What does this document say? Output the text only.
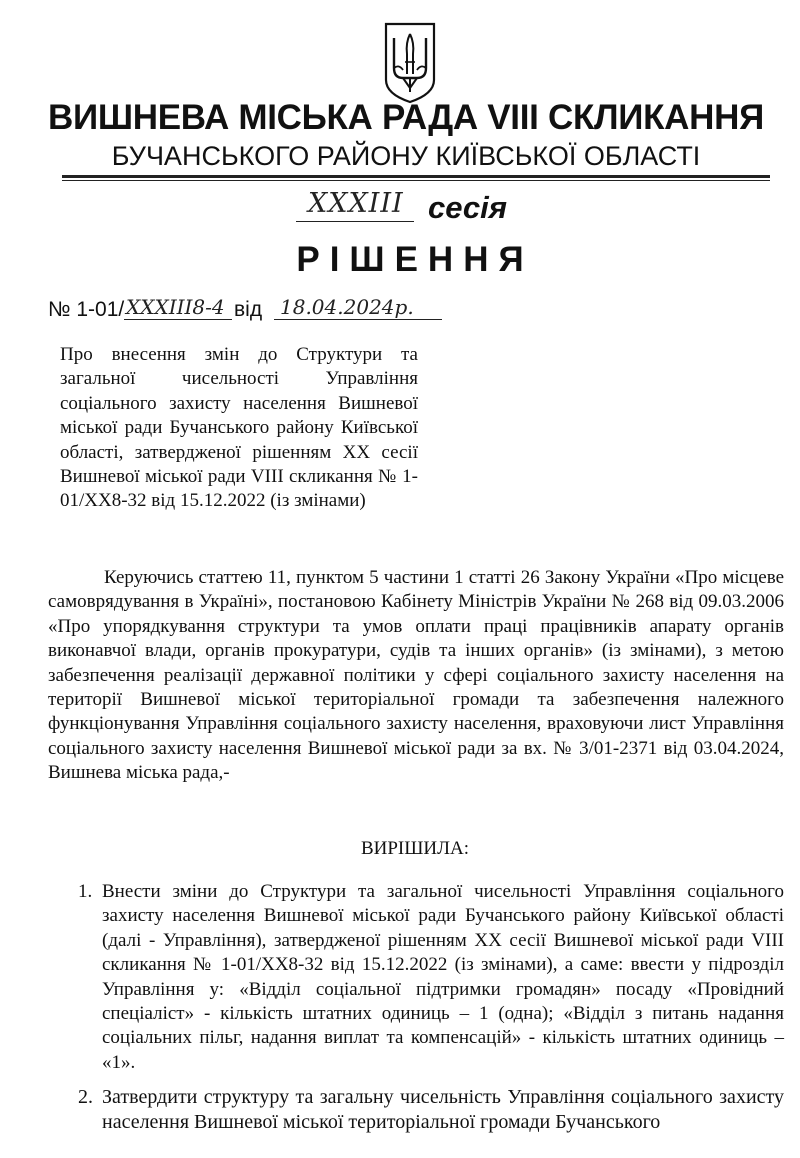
ВИШНЕВА МІСЬКА РАДА VIII СКЛИКАННЯ
БУЧАНСЬКОГО РАЙОНУ КИЇВСЬКОЇ ОБЛАСТІ
XXXIII сесія
РІШЕННЯ
№ 1-01/ XXXIII8-4 від 18.04.2024р.
Про внесення змін до Структури та загальної чисельності Управління соціального захисту населення Вишневої міської ради Бучанського району Київської області, затвердженої рішенням XX сесії Вишневої міської ради VIII скликання № 1-01/XX8-32 від 15.12.2022 (із змінами)
Керуючись статтею 11, пунктом 5 частини 1 статті 26 Закону України «Про місцеве самоврядування в Україні», постановою Кабінету Міністрів України № 268 від 09.03.2006 «Про упорядкування структури та умов оплати праці працівників апарату органів виконавчої влади, органів прокуратури, судів та інших органів» (із змінами), з метою забезпечення реалізації державної політики у сфері соціального захисту населення на території Вишневої міської територіальної громади та забезпечення належного функціонування Управління соціального захисту населення, враховуючи лист Управління соціального захисту населення Вишневої міської ради за вх. № 3/01-2371 від 03.04.2024, Вишнева міська рада,-
ВИРІШИЛА:
1. Внести зміни до Структури та загальної чисельності Управління соціального захисту населення Вишневої міської ради Бучанського району Київської області (далі - Управління), затвердженої рішенням XX сесії Вишневої міської ради VIII скликання № 1-01/XX8-32 від 15.12.2022 (із змінами), а саме: ввести у підрозділ Управління у: «Відділ соціальної підтримки громадян» посаду «Провідний спеціаліст» - кількість штатних одиниць – 1 (одна); «Відділ з питань надання соціальних пільг, надання виплат та компенсацій» - кількість штатних одиниць – «1».
2. Затвердити структуру та загальну чисельність Управління соціального захисту населення Вишневої міської територіальної громади Бучанського
